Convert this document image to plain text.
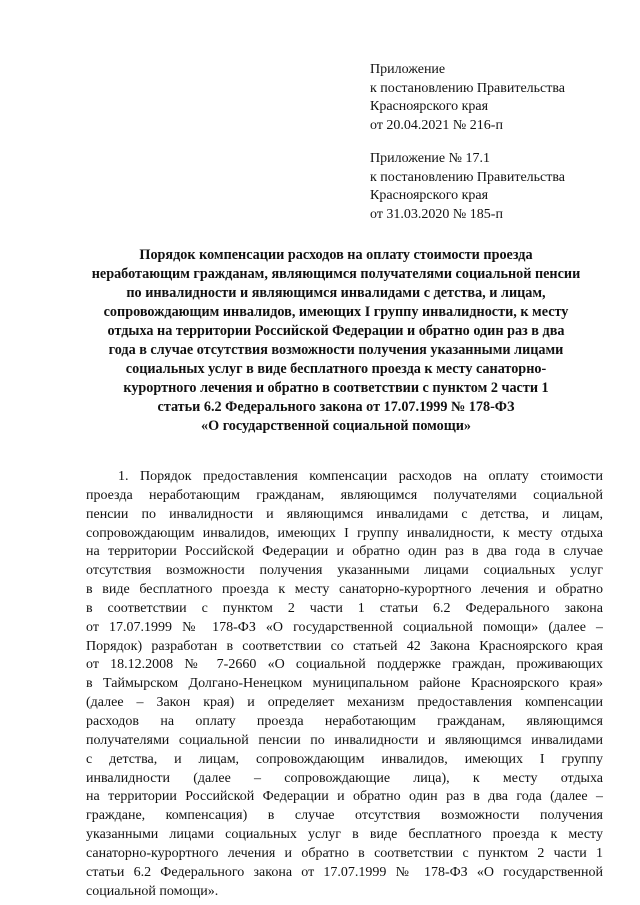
Приложение
к постановлению Правительства
Красноярского края
от 20.04.2021 № 216-п
Приложение № 17.1
к постановлению Правительства
Красноярского края
от 31.03.2020 № 185-п
Порядок компенсации расходов на оплату стоимости проезда
неработающим гражданам, являющимся получателями социальной пенсии
по инвалидности и являющимся инвалидами с детства, и лицам,
сопровождающим инвалидов, имеющих I группу инвалидности, к месту
отдыха на территории Российской Федерации и обратно один раз в два
года в случае отсутствия возможности получения указанными лицами
социальных услуг в виде бесплатного проезда к месту санаторно-
курортного лечения и обратно в соответствии с пунктом 2 части 1
статьи 6.2 Федерального закона от 17.07.1999 № 178-ФЗ
«О государственной социальной помощи»
1. Порядок предоставления компенсации расходов на оплату стоимости
проезда неработающим гражданам, являющимся получателями социальной
пенсии по инвалидности и являющимся инвалидами с детства, и лицам,
сопровождающим инвалидов, имеющих I группу инвалидности, к месту отдыха
на территории Российской Федерации и обратно один раз в два года в случае
отсутствия возможности получения указанными лицами социальных услуг
в виде бесплатного проезда к месту санаторно-курортного лечения и обратно
в соответствии с пунктом 2 части 1 статьи 6.2 Федерального закона
от 17.07.1999 № 178-ФЗ «О государственной социальной помощи» (далее –
Порядок) разработан в соответствии со статьей 42 Закона Красноярского края
от 18.12.2008 № 7-2660 «О социальной поддержке граждан, проживающих
в Таймырском Долгано-Ненецком муниципальном районе Красноярского края»
(далее – Закон края) и определяет механизм предоставления компенсации
расходов на оплату проезда неработающим гражданам, являющимся
получателями социальной пенсии по инвалидности и являющимся инвалидами
с детства, и лицам, сопровождающим инвалидов, имеющих I группу
инвалидности (далее – сопровождающие лица), к месту отдыха
на территории Российской Федерации и обратно один раз в два года (далее –
граждане, компенсация) в случае отсутствия возможности получения
указанными лицами социальных услуг в виде бесплатного проезда к месту
санаторно-курортного лечения и обратно в соответствии с пунктом 2 части 1
статьи 6.2 Федерального закона от 17.07.1999 № 178-ФЗ «О государственной
социальной помощи».
